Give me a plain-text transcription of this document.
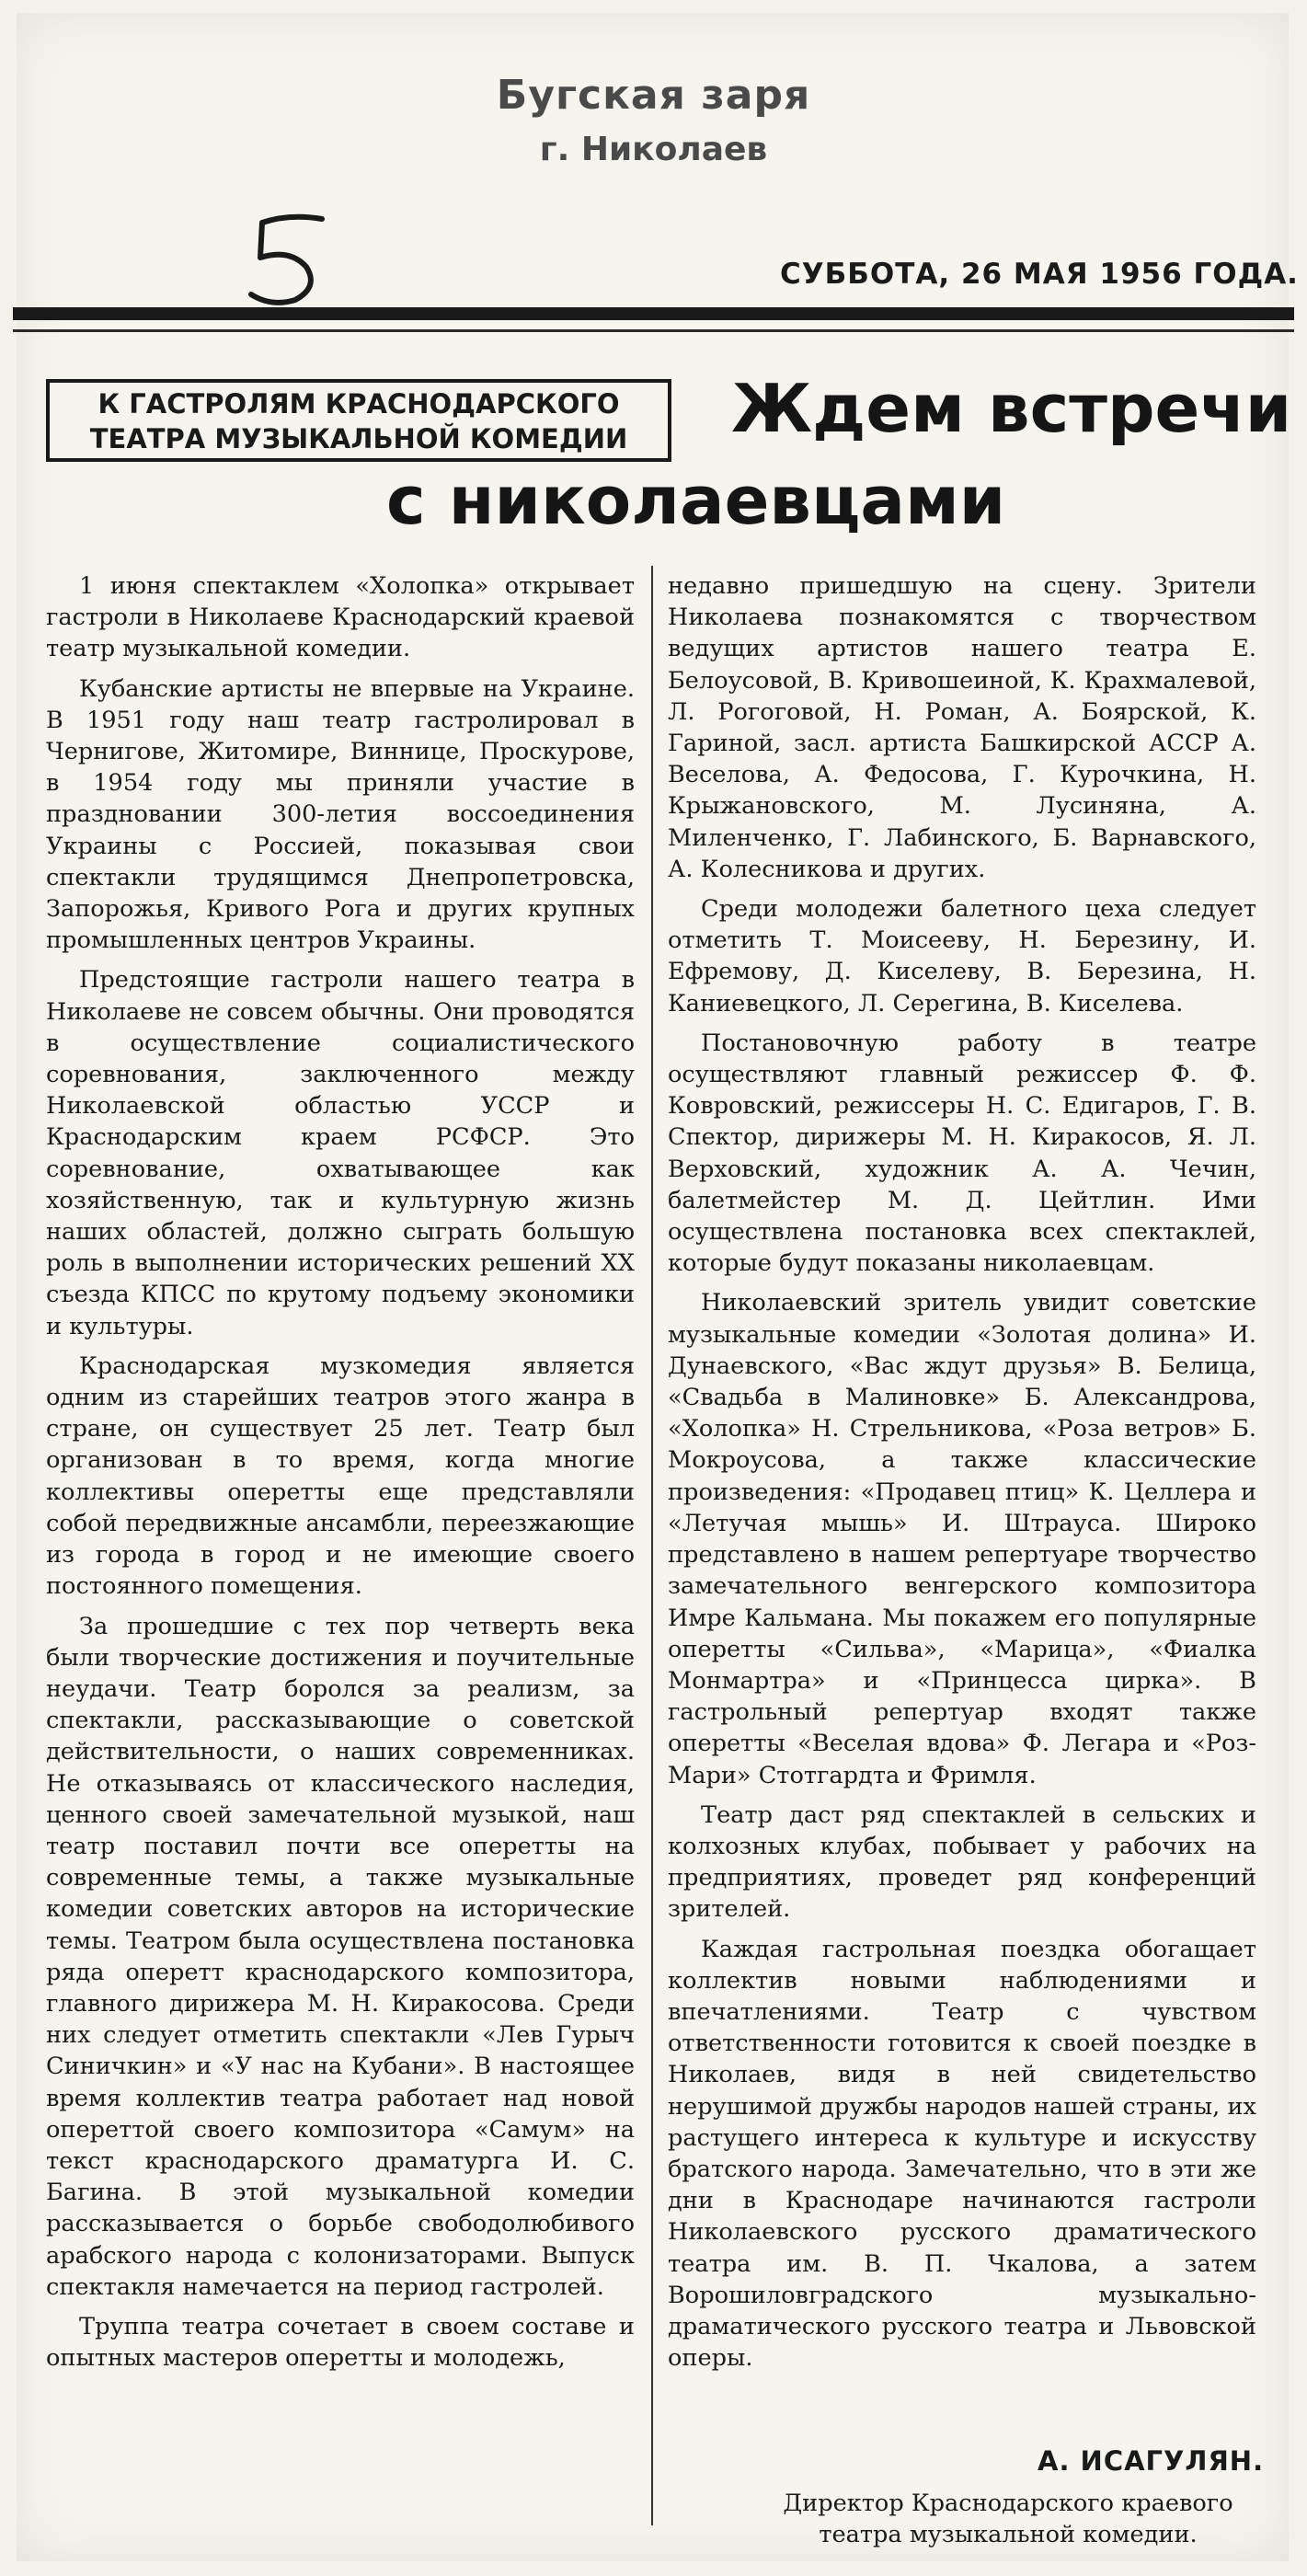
Бугская заря
г. Николаев
СУББОТА, 26 МАЯ 1956 ГОДА.
К ГАСТРОЛЯМ КРАСНОДАРСКОГО
ТЕАТРА МУЗЫКАЛЬНОЙ КОМЕДИИ	Ждем встречи
с николаевцами

1 июня спектаклем «Холопка» открывает гастроли в Николаеве Краснодарский краевой театр музыкальной комедии.

Кубанские артисты не впервые на Украине. В 1951 году наш театр гастролировал в Чернигове, Житомире, Виннице, Проскурове, в 1954 году мы приняли участие в праздновании 300-летия воссоединения Украины с Россией, показывая свои спектакли трудящимся Днепропетровска, Запорожья, Кривого Рога и других крупных промышленных центров Украины.

Предстоящие гастроли нашего театра в Николаеве не совсем обычны. Они проводятся в осуществление социалистического соревнования, заключенного между Николаевской областью УССР и Краснодарским краем РСФСР. Это соревнование, охватывающее как хозяйственную, так и культурную жизнь наших областей, должно сыграть большую роль в выполнении исторических решений XX съезда КПСС по крутому подъему экономики и культуры.

Краснодарская музкомедия является одним из старейших театров этого жанра в стране, он существует 25 лет. Театр был организован в то время, когда многие коллективы оперетты еще представляли собой передвижные ансамбли, переезжающие из города в город и не имеющие своего постоянного помещения.

За прошедшие с тех пор четверть века были творческие достижения и поучительные неудачи. Театр боролся за реализм, за спектакли, рассказывающие о советской действительности, о наших современниках. Не отказываясь от классического наследия, ценного своей замечательной музыкой, наш театр поставил почти все оперетты на современные темы, а также музыкальные комедии советских авторов на исторические темы. Театром была осуществлена постановка ряда оперетт краснодарского композитора, главного дирижера М. Н. Киракосова. Среди них следует отметить спектакли «Лев Гурыч Синичкин» и «У нас на Кубани». В настоящее время коллектив театра работает над новой опереттой своего композитора «Самум» на текст краснодарского драматурга И. С. Багина. В этой музыкальной комедии рассказывается о борьбе свободолюбивого арабского народа с колонизаторами. Выпуск спектакля намечается на период гастролей.

Труппа театра сочетает в своем составе и опытных мастеров оперетты и молодежь,

недавно пришедшую на сцену. Зрители Николаева познакомятся с творчеством ведущих артистов нашего театра Е. Белоусовой, В. Кривошеиной, К. Крахмалевой, Л. Рогоговой, Н. Роман, А. Боярской, К. Гариной, засл. артиста Башкирской АССР А. Веселова, А. Федосова, Г. Курочкина, Н. Крыжановского, М. Лусиняна, А. Миленченко, Г. Лабинского, Б. Варнавского, А. Колесникова и других.

Среди молодежи балетного цеха следует отметить Т. Моисееву, Н. Березину, И. Ефремову, Д. Киселеву, В. Березина, Н. Каниевецкого, Л. Серегина, В. Киселева.

Постановочную работу в театре осуществляют главный режиссер Ф. Ф. Ковровский, режиссеры Н. С. Едигаров, Г. В. Спектор, дирижеры М. Н. Киракосов, Я. Л. Верховский, художник А. А. Чечин, балетмейстер М. Д. Цейтлин. Ими осуществлена постановка всех спектаклей, которые будут показаны николаевцам.

Николаевский зритель увидит советские музыкальные комедии «Золотая долина» И. Дунаевского, «Вас ждут друзья» В. Белица, «Свадьба в Малиновке» Б. Александрова, «Холопка» Н. Стрельникова, «Роза ветров» Б. Мокроусова, а также классические произведения: «Продавец птиц» К. Целлера и «Летучая мышь» И. Штрауса. Широко представлено в нашем репертуаре творчество замечательного венгерского композитора Имре Кальмана. Мы покажем его популярные оперетты «Сильва», «Марица», «Фиалка Монмартра» и «Принцесса цирка». В гастрольный репертуар входят также оперетты «Веселая вдова» Ф. Легара и «Роз-Мари» Стотгардта и Фримля.

Театр даст ряд спектаклей в сельских и колхозных клубах, побывает у рабочих на предприятиях, проведет ряд конференций зрителей.

Каждая гастрольная поездка обогащает коллектив новыми наблюдениями и впечатлениями. Театр с чувством ответственности готовится к своей поездке в Николаев, видя в ней свидетельство нерушимой дружбы народов нашей страны, их растущего интереса к культуре и искусству братского народа. Замечательно, что в эти же дни в Краснодаре начинаются гастроли Николаевского русского драматического театра им. В. П. Чкалова, а затем Ворошиловградского музыкально-драматического русского театра и Львовской оперы.

А. ИСАГУЛЯН.
Директор Краснодарского краевого
театра музыкальной комедии.
